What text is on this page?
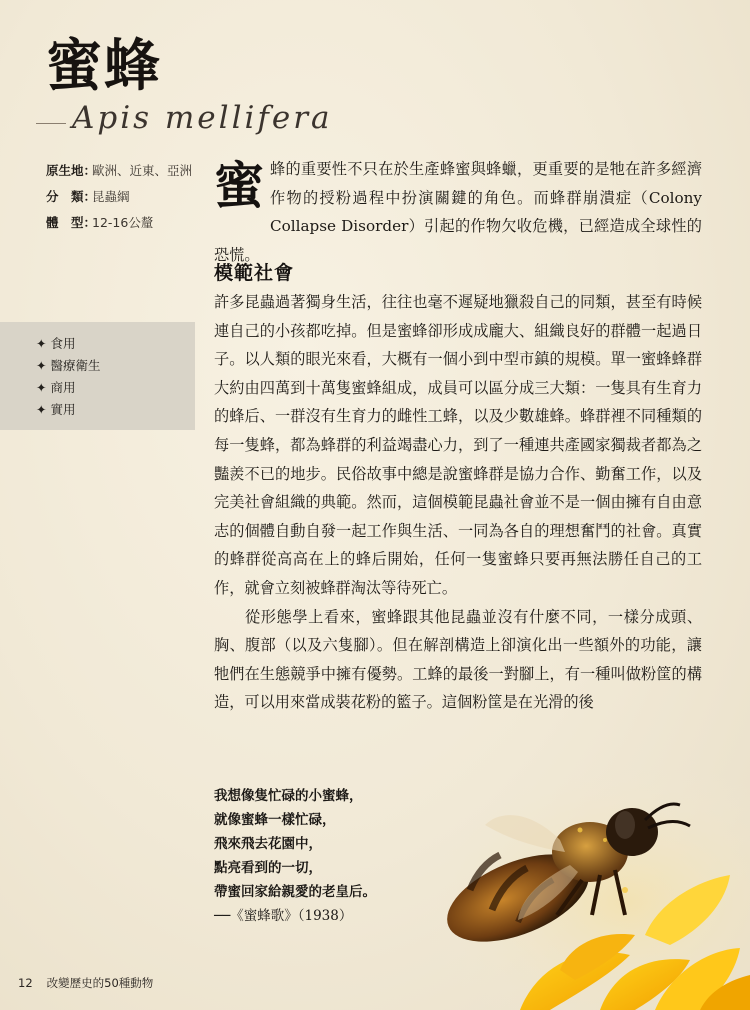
蜜蜂
Apis mellifera
原生地：歐洲、近東、亞洲
分　類：昆蟲綱
體　型：12-16公釐
✦ 食用
✦ 醫療衛生
✦ 商用
✦ 實用
蜜蜂的重要性不只在於生產蜂蜜與蜂蠟，更重要的是牠在許多經濟作物的授粉過程中扮演關鍵的角色。而蜂群崩潰症（Colony Collapse Disorder）引起的作物欠收危機，已經造成全球性的恐慌。
模範社會

許多昆蟲過著獨身生活，往往也毫不遲疑地獵殺自己的同類，甚至有時候連自己的小孩都吃掉。但是蜜蜂卻形成成龐大、組織良好的群體一起過日子。以人類的眼光來看，大概有一個小到中型市鎮的規模。單一蜜蜂蜂群大約由四萬到十萬隻蜜蜂組成，成員可以區分成三大類：一隻具有生育力的蜂后、一群沒有生育力的雌性工蜂，以及少數雄蜂。蜂群裡不同種類的每一隻蜂，都為蜂群的利益竭盡心力，到了一種連共產國家獨裁者都為之豔羨不已的地步。民俗故事中總是說蜜蜂群是協力合作、勤奮工作，以及完美社會組織的典範。然而，這個模範昆蟲社會並不是一個由擁有自由意志的個體自動自發一起工作與生活、一同為各自的理想奮鬥的社會。真實的蜂群從高高在上的蜂后開始，任何一隻蜜蜂只要再無法勝任自己的工作，就會立刻被蜂群淘汰等待死亡。

從形態學上看來，蜜蜂跟其他昆蟲並沒有什麼不同，一樣分成頭、胸、腹部（以及六隻腳）。但在解剖構造上卻演化出一些額外的功能，讓牠們在生態競爭中擁有優勢。工蜂的最後一對腳上，有一種叫做粉筐的構造，可以用來當成裝花粉的籃子。這個粉筐是在光滑的後

我想像隻忙碌的小蜜蜂，
就像蜜蜂一樣忙碌，
飛來飛去花園中，
點亮看到的一切，
帶蜜回家給親愛的老皇后。
──《蜜蜂歌》（1938）
12 改變歷史的50種動物
